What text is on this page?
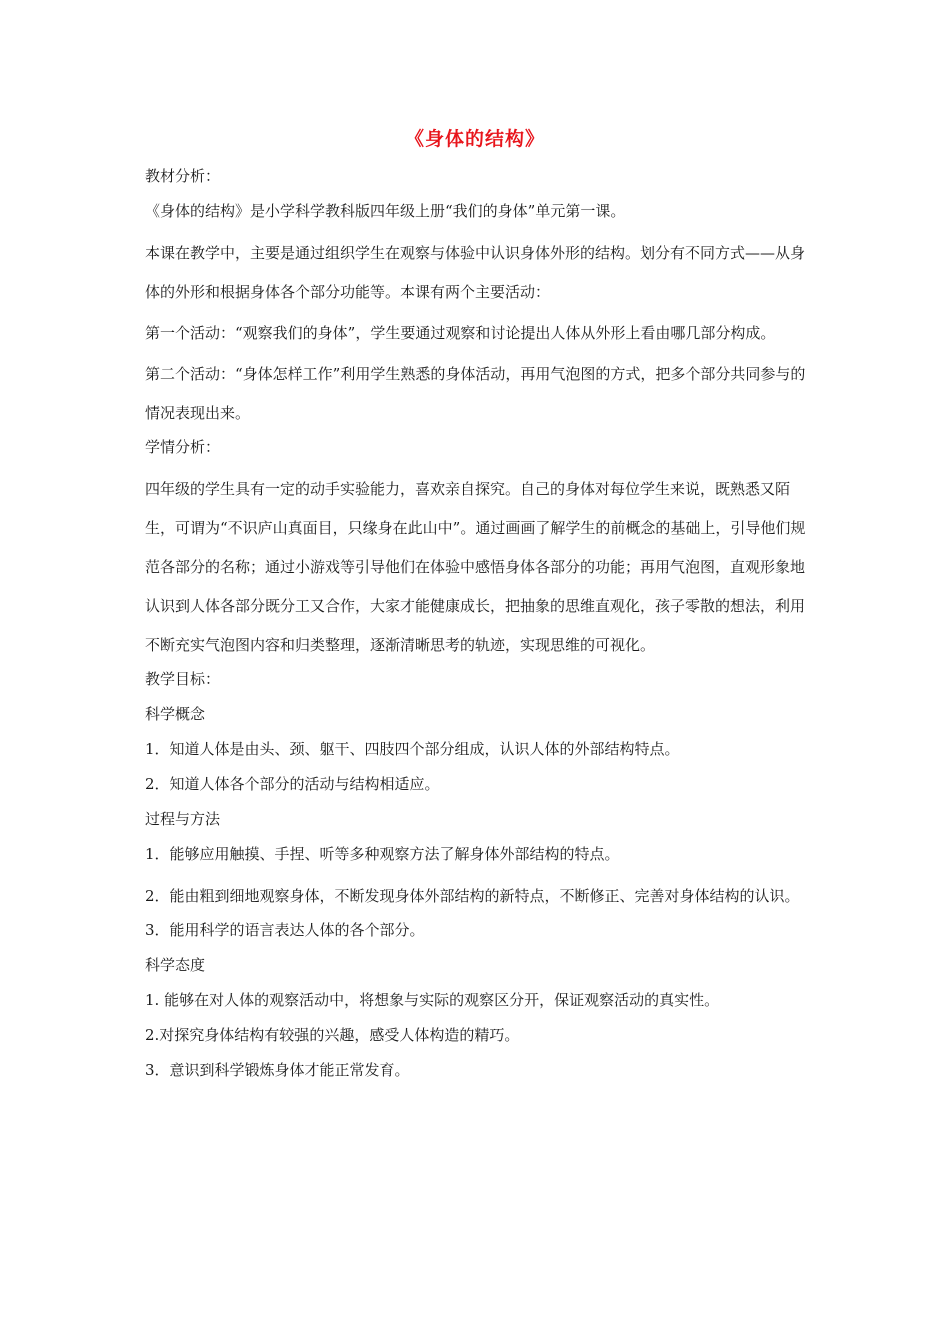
《身体的结构》

教材分析：

《身体的结构》是小学科学教科版四年级上册“我们的身体”单元第一课。

本课在教学中，主要是通过组织学生在观察与体验中认识身体外形的结构。划分有不同方式——从身体的外形和根据身体各个部分功能等。本课有两个主要活动：

第一个活动：“观察我们的身体”，学生要通过观察和讨论提出人体从外形上看由哪几部分构成。

第二个活动：“身体怎样工作”利用学生熟悉的身体活动，再用气泡图的方式，把多个部分共同参与的情况表现出来。

学情分析：

四年级的学生具有一定的动手实验能力，喜欢亲自探究。自己的身体对每位学生来说，既熟悉又陌生，可谓为“不识庐山真面目，只缘身在此山中”。通过画画了解学生的前概念的基础上，引导他们规范各部分的名称；通过小游戏等引导他们在体验中感悟身体各部分的功能；再用气泡图，直观形象地认识到人体各部分既分工又合作，大家才能健康成长，把抽象的思维直观化，孩子零散的想法，利用不断充实气泡图内容和归类整理，逐渐清晰思考的轨迹，实现思维的可视化。

教学目标：

科学概念

1．知道人体是由头、颈、躯干、四肢四个部分组成，认识人体的外部结构特点。

2．知道人体各个部分的活动与结构相适应。

过程与方法

1．能够应用触摸、手捏、听等多种观察方法了解身体外部结构的特点。

2．能由粗到细地观察身体，不断发现身体外部结构的新特点，不断修正、完善对身体结构的认识。

3．能用科学的语言表达人体的各个部分。

科学态度

1. 能够在对人体的观察活动中，将想象与实际的观察区分开，保证观察活动的真实性。

2.对探究身体结构有较强的兴趣，感受人体构造的精巧。

3．意识到科学锻炼身体才能正常发育。
